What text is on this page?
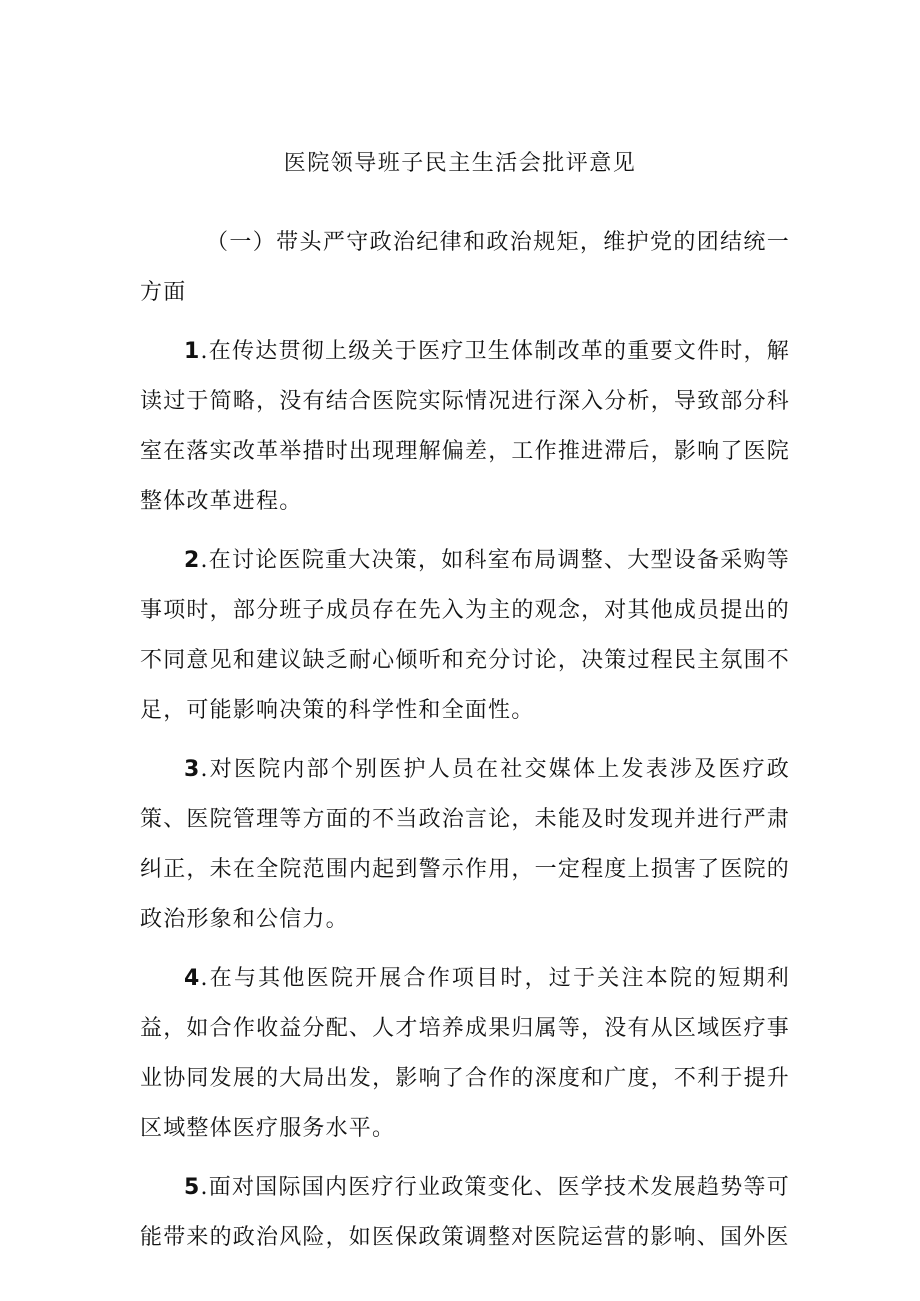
医院领导班子民主生活会批评意见

（一）带头严守政治纪律和政治规矩，维护党的团结统一方面

1.在传达贯彻上级关于医疗卫生体制改革的重要文件时，解读过于简略，没有结合医院实际情况进行深入分析，导致部分科室在落实改革举措时出现理解偏差，工作推进滞后，影响了医院整体改革进程。

2.在讨论医院重大决策，如科室布局调整、大型设备采购等事项时，部分班子成员存在先入为主的观念，对其他成员提出的不同意见和建议缺乏耐心倾听和充分讨论，决策过程民主氛围不足，可能影响决策的科学性和全面性。

3.对医院内部个别医护人员在社交媒体上发表涉及医疗政策、医院管理等方面的不当政治言论，未能及时发现并进行严肃纠正，未在全院范围内起到警示作用，一定程度上损害了医院的政治形象和公信力。

4.在与其他医院开展合作项目时，过于关注本院的短期利益，如合作收益分配、人才培养成果归属等，没有从区域医疗事业协同发展的大局出发，影响了合作的深度和广度，不利于提升区域整体医疗服务水平。

5.面对国际国内医疗行业政策变化、医学技术发展趋势等可能带来的政治风险，如医保政策调整对医院运营的影响、国外医
